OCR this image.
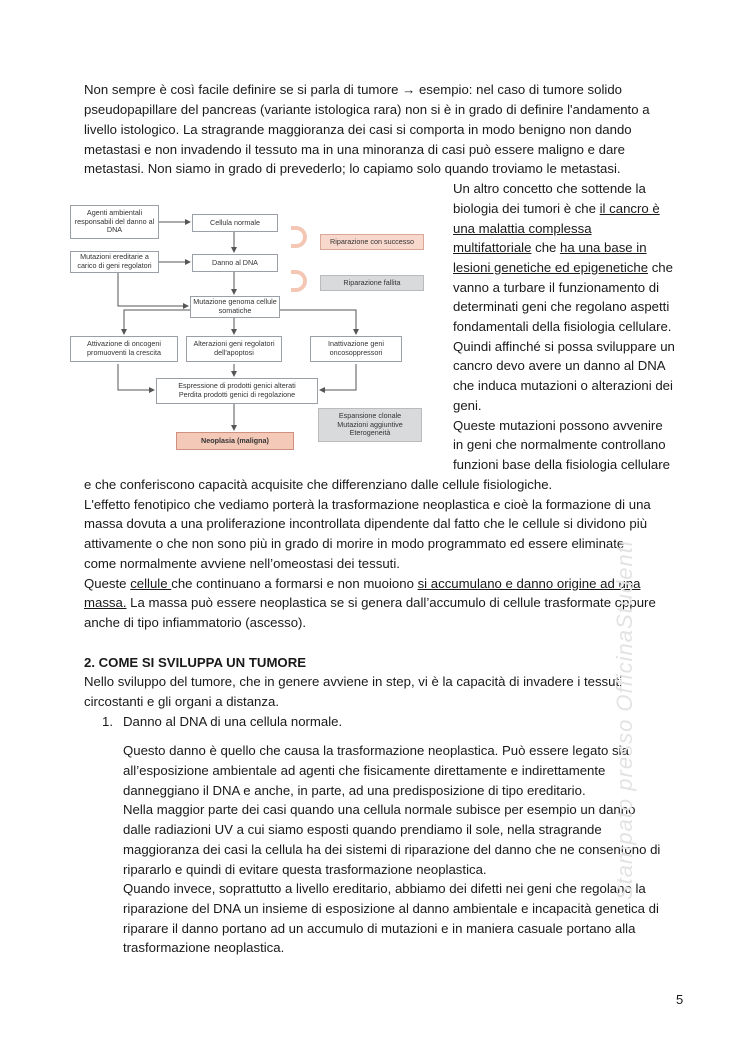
Non sempre è così facile definire se si parla di tumore → esempio: nel caso di tumore solido
pseudopapillare del pancreas (variante istologica rara) non si è in grado di definire l'andamento a
livello istologico. La stragrande maggioranza dei casi si comporta in modo benigno non dando
metastasi e non invadendo il tessuto ma in una minoranza di casi può essere maligno e dare
metastasi. Non siamo in grado di prevederlo; lo capiamo solo quando troviamo le metastasi.
Un altro concetto che sottende la
biologia dei tumori è che il cancro è
una malattia complessa
multifattoriale che ha una base in
lesioni genetiche ed epigenetiche che
vanno a turbare il funzionamento di
determinati geni che regolano aspetti
fondamentali della fisiologia cellulare.
Quindi affinché si possa sviluppare un
cancro devo avere un danno al DNA
che induca mutazioni o alterazioni dei
geni.
Queste mutazioni possono avvenire
in geni che normalmente controllano
funzioni base della fisiologia cellulare
Agenti ambientali responsabili del danno al DNA
Cellula normale
Riparazione con successo
Mutazioni ereditarie a carico di geni regolatori	Danno al DNA
Riparazione fallita
Mutazione genoma cellule somatiche
Attivazione di oncogeni promuoventi la crescita
Alterazioni geni regolatori dell'apoptosi
Inattivazione geni oncosoppressori
Espressione di prodotti genici alterati
Perdita prodotti genici di regolazione
Espansione clonale
Mutazioni aggiuntive
Eterogeneità
Neoplasia (maligna)
e che conferiscono capacità acquisite che differenziano dalle cellule fisiologiche.
L'effetto fenotipico che vediamo porterà la trasformazione neoplastica e cioè la formazione di una
massa dovuta a una proliferazione incontrollata dipendente dal fatto che le cellule si dividono più
attivamente o che non sono più in grado di morire in modo programmato ed essere eliminate
come normalmente avviene nell’omeostasi dei tessuti.
Queste cellule che continuano a formarsi e non muoiono si accumulano e danno origine ad una
massa. La massa può essere neoplastica se si genera dall’accumulo di cellule trasformate oppure
anche di tipo infiammatorio (ascesso).
2. COME SI SVILUPPA UN TUMORE
Nello sviluppo del tumore, che in genere avviene in step, vi è la capacità di invadere i tessuti
circostanti e gli organi a distanza.
1. Danno al DNA di una cellula normale.
Questo danno è quello che causa la trasformazione neoplastica. Può essere legato sia
all’esposizione ambientale ad agenti che fisicamente direttamente e indirettamente
danneggiano il DNA e anche, in parte, ad una predisposizione di tipo ereditario.
Nella maggior parte dei casi quando una cellula normale subisce per esempio un danno
dalle radiazioni UV a cui siamo esposti quando prendiamo il sole, nella stragrande
maggioranza dei casi la cellula ha dei sistemi di riparazione del danno che ne consentono di
ripararlo e quindi di evitare questa trasformazione neoplastica.
Quando invece, soprattutto a livello ereditario, abbiamo dei difetti nei geni che regolano la
riparazione del DNA un insieme di esposizione al danno ambientale e incapacità genetica di
riparare il danno portano ad un accumulo di mutazioni e in maniera casuale portano alla
trasformazione neoplastica.
Stampato presso OfficinaStudenti
5
